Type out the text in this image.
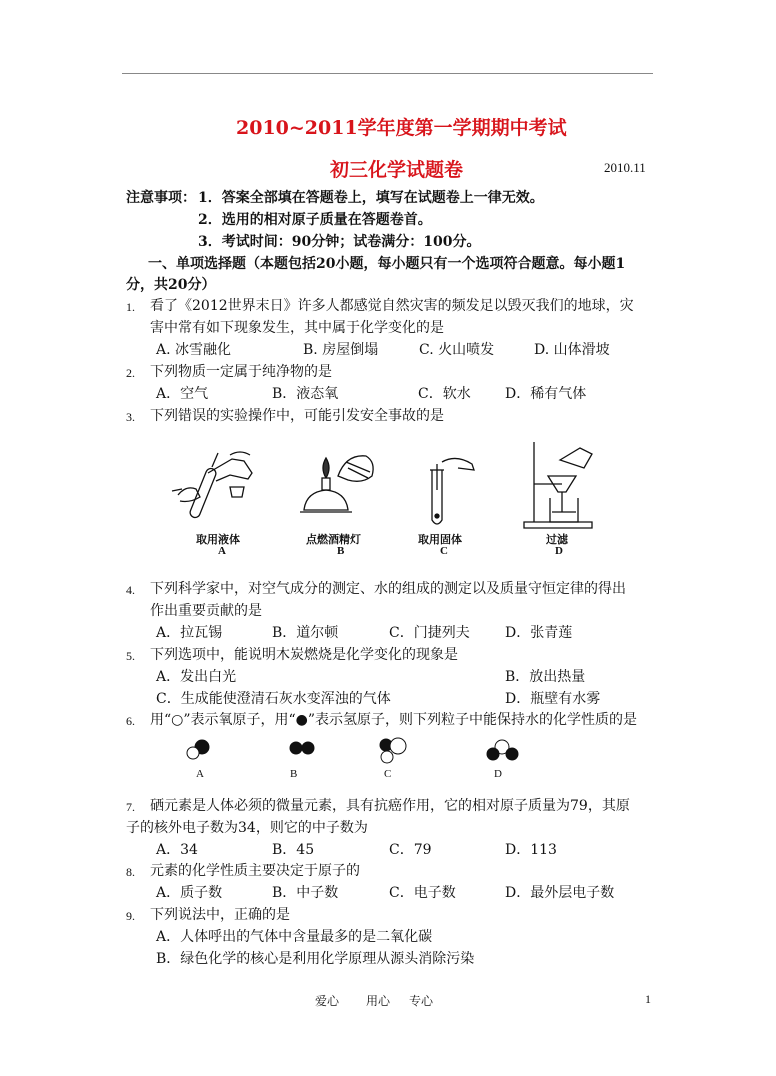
2010~2011学年度第一学期期中考试
初三化学试题卷	2010.11
注意事项： 1．答案全部填在答题卷上，填写在试题卷上一律无效。
2．选用的相对原子质量在答题卷首。
3．考试时间：90分钟；试卷满分：100分。
一、单项选择题（本题包括20小题，每小题只有一个选项符合题意。每小题1
分，共20分）
1. 看了《2012世界末日》许多人都感觉自然灾害的频发足以毁灭我们的地球，灾
害中常有如下现象发生，其中属于化学变化的是
A. 冰雪融化	B. 房屋倒塌	C. 火山喷发	D. 山体滑坡
2. 下列物质一定属于纯净物的是
A．空气	B．液态氧	C．软水 D．稀有气体
3. 下列错误的实验操作中，可能引发安全事故的是
取用液体
A
点燃酒精灯
B
取用固体
C
过滤
D
4. 下列科学家中，对空气成分的测定、水的组成的测定以及质量守恒定律的得出
作出重要贡献的是
A．拉瓦锡	B．道尔顿	C．门捷列夫	D．张青莲
5. 下列选项中，能说明木炭燃烧是化学变化的现象是
A．发出白光	B．放出热量
C．生成能使澄清石灰水变浑浊的气体	D．瓶壁有水雾
6. 用“○”表示氧原子，用“●”表示氢原子，则下列粒子中能保持水的化学性质的是
A	B	C	D
7. 硒元素是人体必须的微量元素，具有抗癌作用，它的相对原子质量为79，其原
子的核外电子数为34，则它的中子数为
A．34	B．45	C．79	D．113
8. 元素的化学性质主要决定于原子的
A．质子数	B．中子数	C．电子数	D．最外层电子数
9. 下列说法中，正确的是
A．人体呼出的气体中含量最多的是二氧化碳
B．绿色化学的核心是利用化学原理从源头消除污染
爱心 用心 专心	1
